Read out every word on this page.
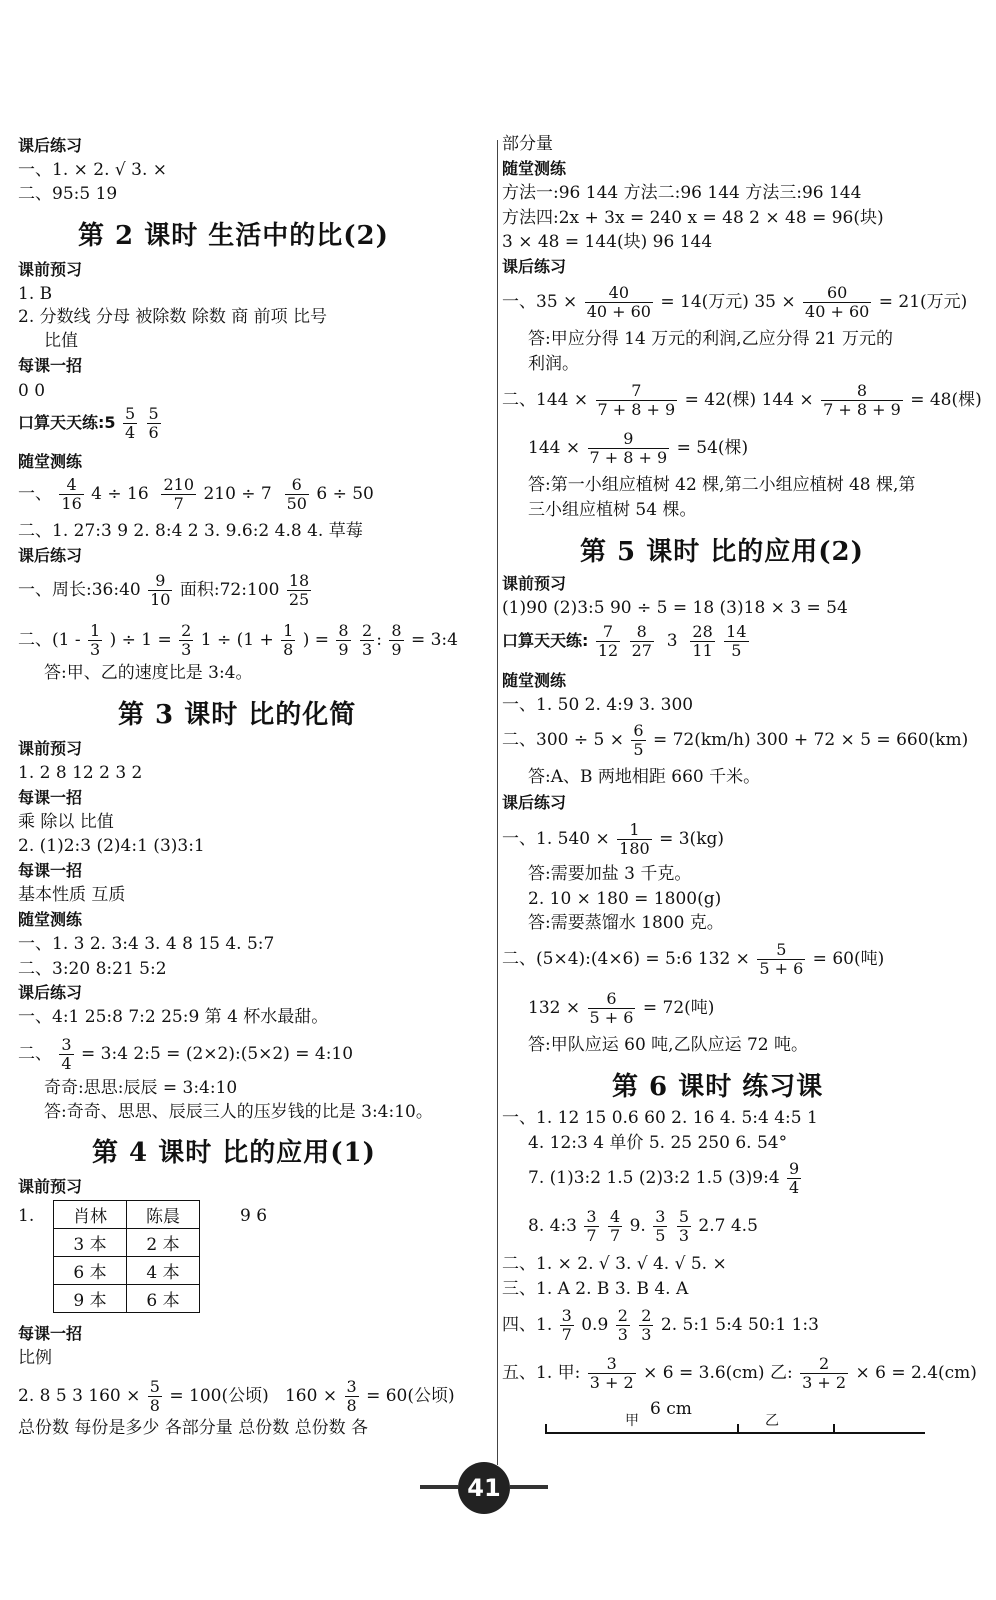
课后练习
一、1. × 2. √ 3. ×
二、95:5 19
第 2 课时 生活中的比(2)
课前预习
1. B
2. 分数线 分母 被除数 除数 商 前项 比号
比值
每课一招
0 0
口算天天练:5 $\frac{5}{4}$
$\frac{5}{6}$
随堂测练
一、 $\frac{4}{16} 4 \div 16 \frac{210}{7} 210 \div 7 \frac{6}{50} 6 \div 50$
二、1. 27:3 9 2. 8:4 2 3. 9.6:2 4.8 4. 草莓
课后练习
一、周长:36:40 $\frac{9}{10}$ 面积:72:100 $\frac{18}{25}$
二、($1 - \frac{1}{3}$ ) ÷ $1 = \frac{2}{3} 1 \div (1 + \frac{1}{8}$ ) = $\frac{8}{9}$
$\frac{2}{3}$ : $\frac{8}{9}$ = 3:4
答:甲、乙的速度比是 3:4。
第 3 课时 比的化简
课前预习
1. 2 8 12 2 3 2
每课一招
乘 除以 比值
2. (1)2:3 (2)4:1 (3)3:1
每课一招
基本性质 互质
随堂测练
一、1. 3 2. 3:4 3. 4 8 15 4. 5:7
二、3:20 8:21 5:2
课后练习
一、4:1 25:8 7:2 25:9 第 4 杯水最甜。
二、 $\frac{3}{4}$ = 3:4 2:5 = (2×2):(5×2) = 4:10
奇奇:思思:辰辰 = 3:4:10
答:奇奇、思思、辰辰三人的压岁钱的比是 3:4:10。
第 4 课时 比的应用(1)
课前预习
1. 肖林	陈晨
3 本	2 本
6 本	4 本
9 本	6 本
9 6
每课一招
比例
2. 8 5 3 $160 \times \frac{5}{8} = 100$(公顷) $160 \times \frac{3}{8} = 60$(公顷)
总份数 每份是多少 各部分量 总份数 总份数 各
部分量
随堂测练
方法一:96 144 方法二:96 144 方法三:96 144
方法四:2x + 3x = 240 x = 48 2 × 48 = 96(块)
3 × 48 = 144(块) 96 144
课后练习
一、$35 \times \frac{40}{40 + 60} = 14$(万元) $35 \times \frac{60}{40 + 60} = 21$(万元)
答:甲应分得 14 万元的利润,乙应分得 21 万元的
利润。
二、$144 \times \frac{7}{7 + 8 + 9} = 42$(棵) $144 \times \frac{8}{7 + 8 + 9} = 48$(棵)
$144 \times \frac{9}{7 + 8 + 9} = 54$(棵)
答:第一小组应植树 42 棵,第二小组应植树 48 棵,第
三小组应植树 54 棵。
第 5 课时 比的应用(2)
课前预习
(1)90 (2)3:5 90 ÷ 5 = 18 (3)18 × 3 = 54
口算天天练: $\frac{7}{12}$
$\frac{8}{27} 3 \frac{28}{11}$
$\frac{14}{5}$
随堂测练
一、1. 50 2. 4:9 3. 300
二、$300 \div 5 \times \frac{6}{5} = 72(km/h) 300 + 72 \times 5 = 660(km)$
答:A、B 两地相距 660 千米。
课后练习
一、1. $540 \times \frac{1}{180} = 3(kg)$
答:需要加盐 3 千克。
2. 10 × 180 = 1800(g)
答:需要蒸馏水 1800 克。
二、(5×4):(4×6) = 5:6 $132 \times \frac{5}{5 + 6} = 60$(吨)
$132 \times \frac{6}{5 + 6} = 72$(吨)
答:甲队应运 60 吨,乙队应运 72 吨。
第 6 课时 练习课
一、1. 12 15 0.6 60 2. 16 4. 5:4 4:5 1
4. 12:3 4 单价 5. 25 250 6. 54°
7. (1)3:2 1.5 (2)3:2 1.5 (3)9:4 $\frac{9}{4}$
8. 4:3 $\frac{3}{7}$
$\frac{4}{7} 9$. $\frac{3}{5}$
$\frac{5}{3} 2.7$ 4.5
二、1. × 2. √ 3. √ 4. √ 5. ×
三、1. A 2. B 3. B 4. A
四、1. $\frac{3}{7} 0.9 \frac{2}{3}$
$\frac{2}{3} 2$. 5:1 5:4 50:1 1:3
五、1. 甲: $\frac{3}{3 + 2} \times 6 = 3.6(cm)$ 乙: $\frac{2}{3 + 2} \times 6 = 2.4(cm)$
6 cm
甲	乙
41
